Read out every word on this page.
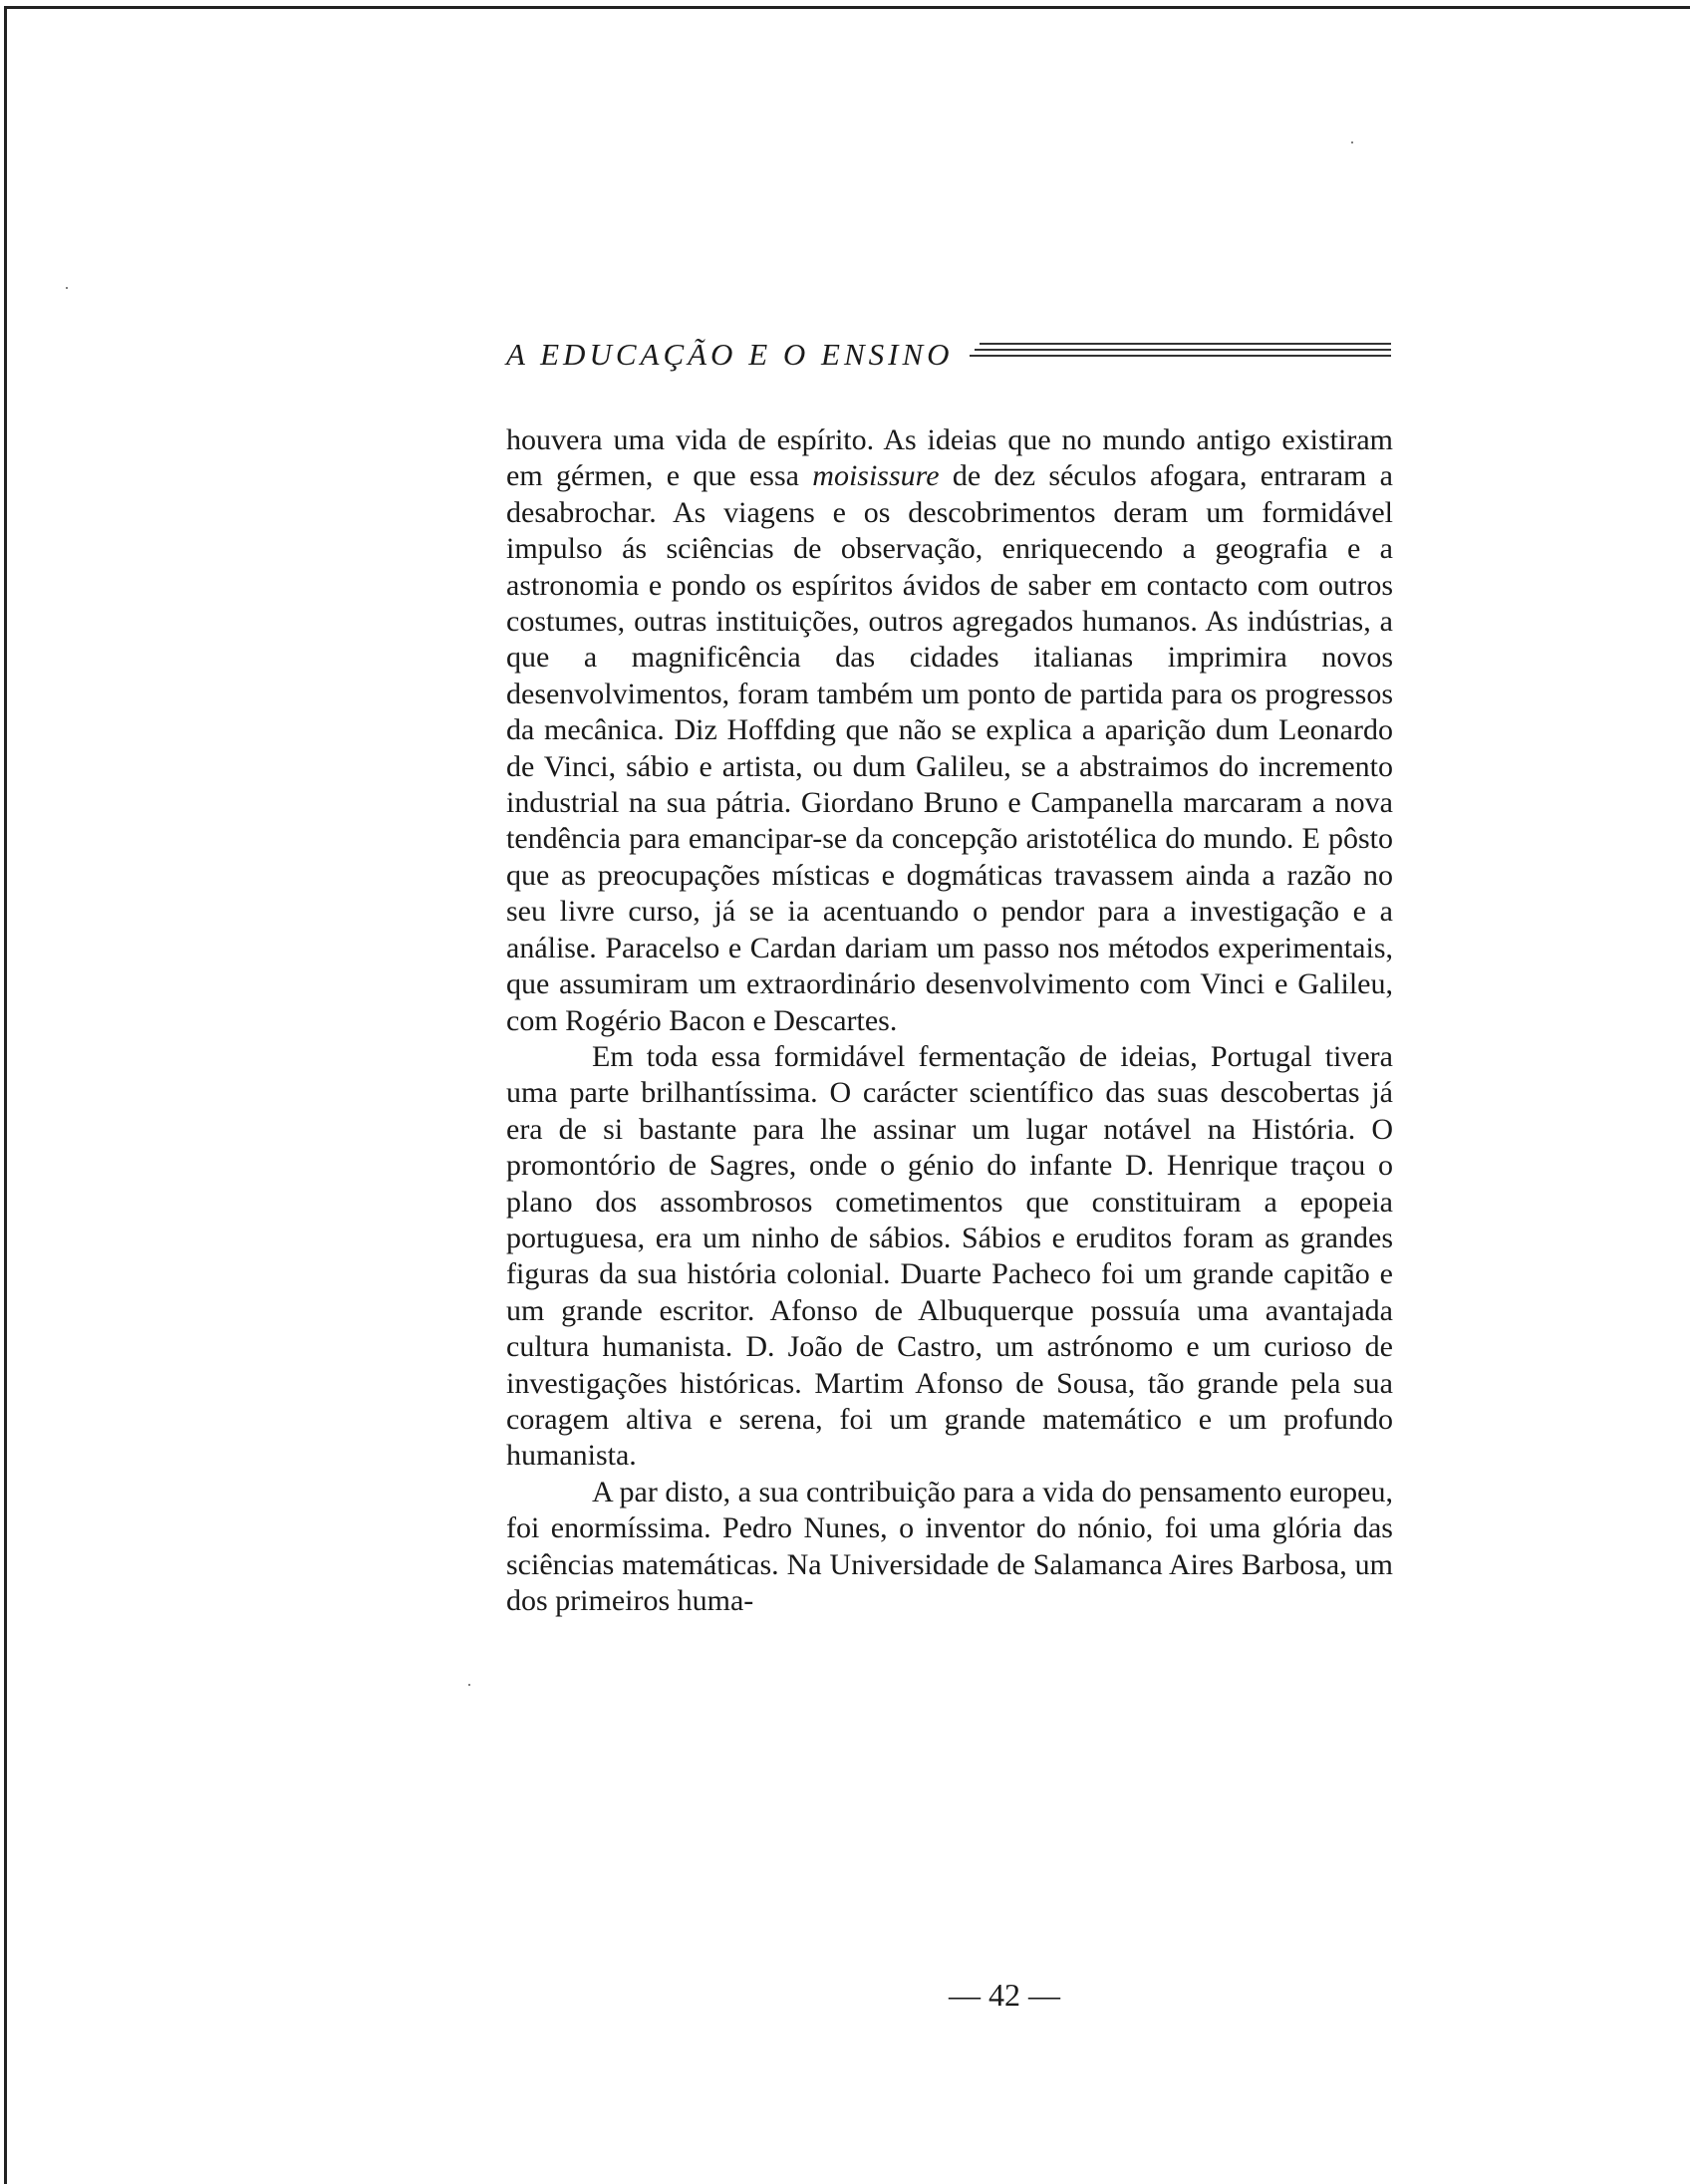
A EDUCAÇÃO E O ENSINO

houvera uma vida de espírito. As ideias que no mundo antigo existiram em gérmen, e que essa moisissure de dez séculos afogara, entraram a desabrochar. As viagens e os descobrimentos deram um formidável impulso ás sciências de observação, enriquecendo a geografia e a astronomia e pondo os espíritos ávidos de saber em contacto com outros costumes, outras instituições, outros agregados humanos. As indústrias, a que a magnificência das cidades italianas imprimira novos desenvolvimentos, foram também um ponto de partida para os progressos da mecânica. Diz Hoffding que não se explica a aparição dum Leonardo de Vinci, sábio e artista, ou dum Galileu, se a abstraimos do incremento industrial na sua pátria. Giordano Bruno e Campanella marcaram a nova tendência para emancipar-se da concepção aristotélica do mundo. E pôsto que as preocupações místicas e dogmáticas travassem ainda a razão no seu livre curso, já se ia acentuando o pendor para a investigação e a análise. Paracelso e Cardan dariam um passo nos métodos experimentais, que assumiram um extraordinário desenvolvimento com Vinci e Galileu, com Rogério Bacon e Descartes.

Em toda essa formidável fermentação de ideias, Portugal tivera uma parte brilhantíssima. O carácter scientífico das suas descobertas já era de si bastante para lhe assinar um lugar notável na História. O promontório de Sagres, onde o génio do infante D. Henrique traçou o plano dos assombrosos cometimentos que constituiram a epopeia portuguesa, era um ninho de sábios. Sábios e eruditos foram as grandes figuras da sua história colonial. Duarte Pacheco foi um grande capitão e um grande escritor. Afonso de Albuquerque possuía uma avantajada cultura humanista. D. João de Castro, um astrónomo e um curioso de investigações históricas. Martim Afonso de Sousa, tão grande pela sua coragem altiva e serena, foi um grande matemático e um profundo humanista.

A par disto, a sua contribuição para a vida do pensamento europeu, foi enormíssima. Pedro Nunes, o inventor do nónio, foi uma glória das sciências matemáticas. Na Universidade de Salamanca Aires Barbosa, um dos primeiros huma-

— 42 —
